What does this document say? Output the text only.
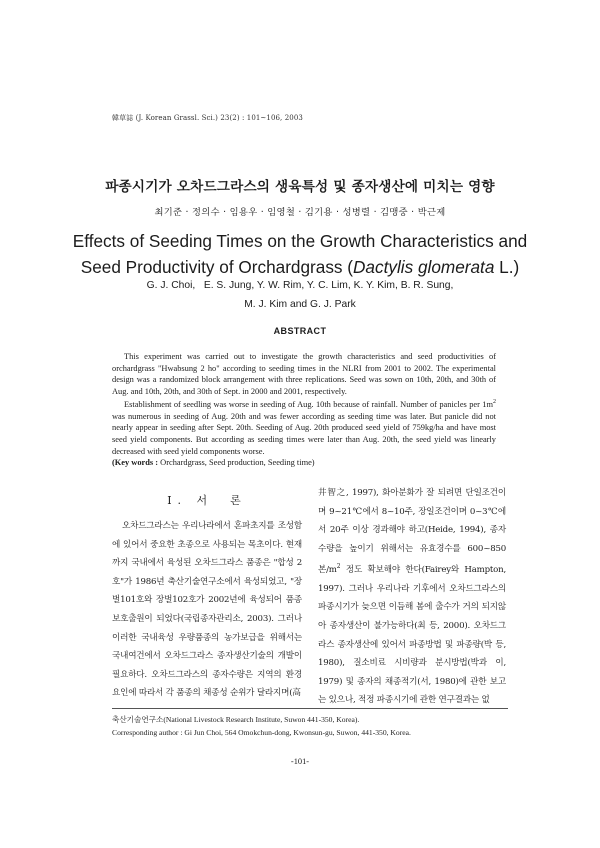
韓草誌 (J. Korean Grassl. Sci.) 23(2) : 101~106, 2003
파종시기가 오차드그라스의 생육특성 및 종자생산에 미치는 영향
최기준 · 정의수 · 임용우 · 임영철 · 김기용 · 성병렬 · 김맹중 · 박근제
Effects of Seeding Times on the Growth Characteristics and
Seed Productivity of Orchardgrass (Dactylis glomerata L.)
G. J. Choi,   E. S. Jung, Y. W. Rim, Y. C. Lim, K. Y. Kim, B. R. Sung,
M. J. Kim and G. J. Park
ABSTRACT

This experiment was carried out to investigate the growth characteristics and seed productivities of orchardgrass "Hwabsung 2 ho" according to seeding times in the NLRI from 2001 to 2002. The experimental design was a randomized block arrangement with three replications. Seed was sown on 10th, 20th, and 30th of Aug. and 10th, 20th, and 30th of Sept. in 2000 and 2001, respectively.

Establishment of seedling was worse in seeding of Aug. 10th because of rainfall. Number of panicles per $1m^2$ was numerous in seeding of Aug. 20th and was fewer according as seeding time was later. But panicle did not nearly appear in seeding after Sept. 20th. Seeding of Aug. 20th produced seed yield of 759kg/ha and have most seed yield components. But according as seeding times were later than Aug. 20th, the seed yield was linearly decreased with seed yield components worse.

(Key words : Orchardgrass, Seed production, Seeding time)

I. 서　론

오차드그라스는 우리나라에서 혼파초지를 조성함에 있어서 중요한 초종으로 사용되는 목초이다. 현재까지 국내에서 육성된 오차드그라스 품종은 "합성 2호"가 1986년 축산기술연구소에서 육성되었고, "장벌101호와 장벌102호가 2002년에 육성되어 품종보호출원이 되었다(국립종자관리소, 2003). 그러나 이러한 국내육성 우량품종의 농가보급을 위해서는 국내여건에서 오차드그라스 종자생산기술의 개발이 필요하다. 오차드그라스의 종자수량은 지역의 환경요인에 따라서 각 품종의 채종성 순위가 달라지며(高

井智之, 1997), 화아분화가 잘 되려면 단일조건이며 9~21℃에서 8~10주, 장일조건이며 0~3℃에서 20주 이상 경과해야 하고(Heide, 1994), 종자수량을 높이기 위해서는 유효경수를 600~850본$/m^2$ 정도 확보해야 한다(Fairey와 Hampton, 1997). 그러나 우리나라 기후에서 오차드그라스의 파종시기가 늦으면 이듬해 봄에 출수가 거의 되지않아 종자생산이 불가능하다(최 등, 2000). 오차드그라스 종자생산에 있어서 파종방법 및 파종량(박 등, 1980), 질소비료 시비량과 분시방법(박과 이, 1979) 및 종자의 채종적기(서, 1980)에 관한 보고는 있으나, 적정 파종시기에 관한 연구결과는 없

축산기술연구소(National Livestock Research Institute, Suwon 441-350, Korea).
Corresponding author : Gi Jun Choi, 564 Omokchun-dong, Kwonsun-gu, Suwon, 441-350, Korea.
-101-
